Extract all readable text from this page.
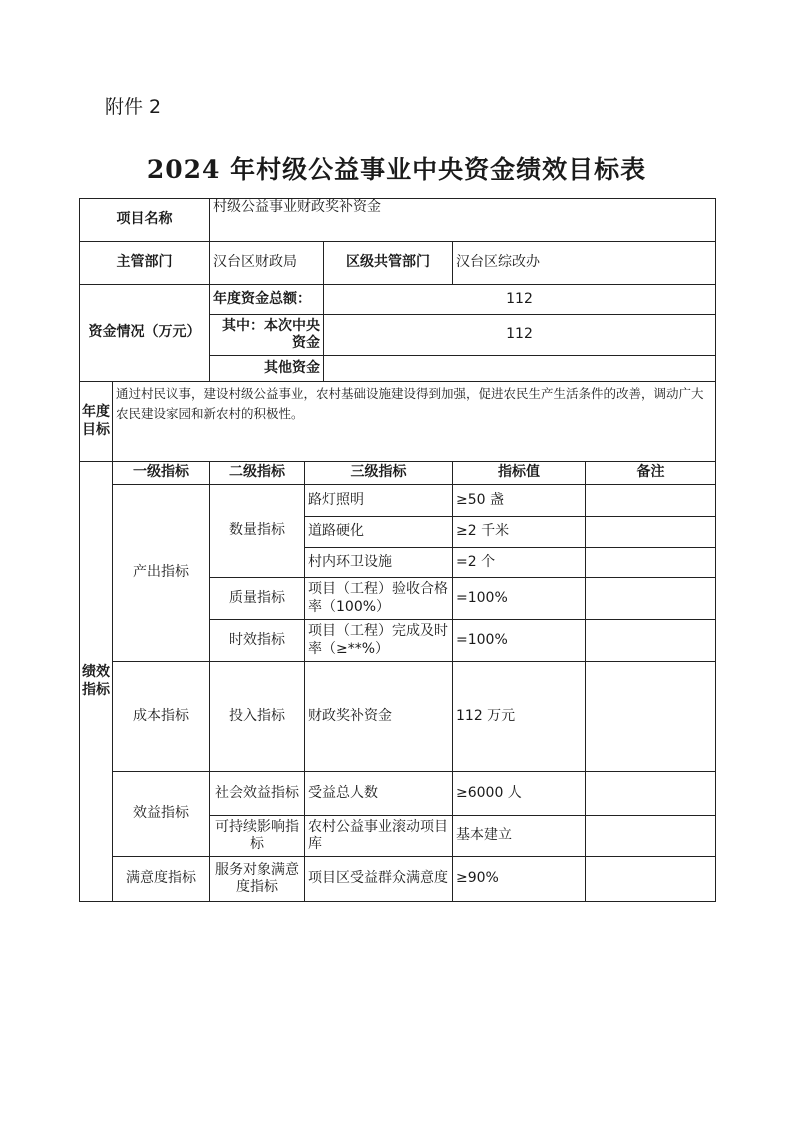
附件 2
2024 年村级公益事业中央资金绩效目标表
项目名称		村级公益事业财政奖补资金				
主管部门		汉台区财政局		区级共管部门	汉台区综改办	
资金情况（万元）		年度资金总额：		112		
		其中：本次中央资金		112		
		其他资金				
年度目标	通过村民议事，建设村级公益事业，农村基础设施建设得到加强，促进农民生产生活条件的改善，调动广大农民建设家园和新农村的积极性。					
绩效指标	一级指标	二级指标	三级指标		指标值	备注
	产出指标	数量指标	路灯照明		≥50 盏	
			道路硬化		≥2 千米	
			村内环卫设施		=2 个	
		质量指标	项目（工程）验收合格率（100%）		=100%	
		时效指标	项目（工程）完成及时率（≥**%）		=100%	
	成本指标	投入指标	财政奖补资金		112 万元	
	效益指标	社会效益指标	受益总人数		≥6000 人	
		可持续影响指标	农村公益事业滚动项目库		基本建立	
	满意度指标	服务对象满意度指标	项目区受益群众满意度		≥90%	
